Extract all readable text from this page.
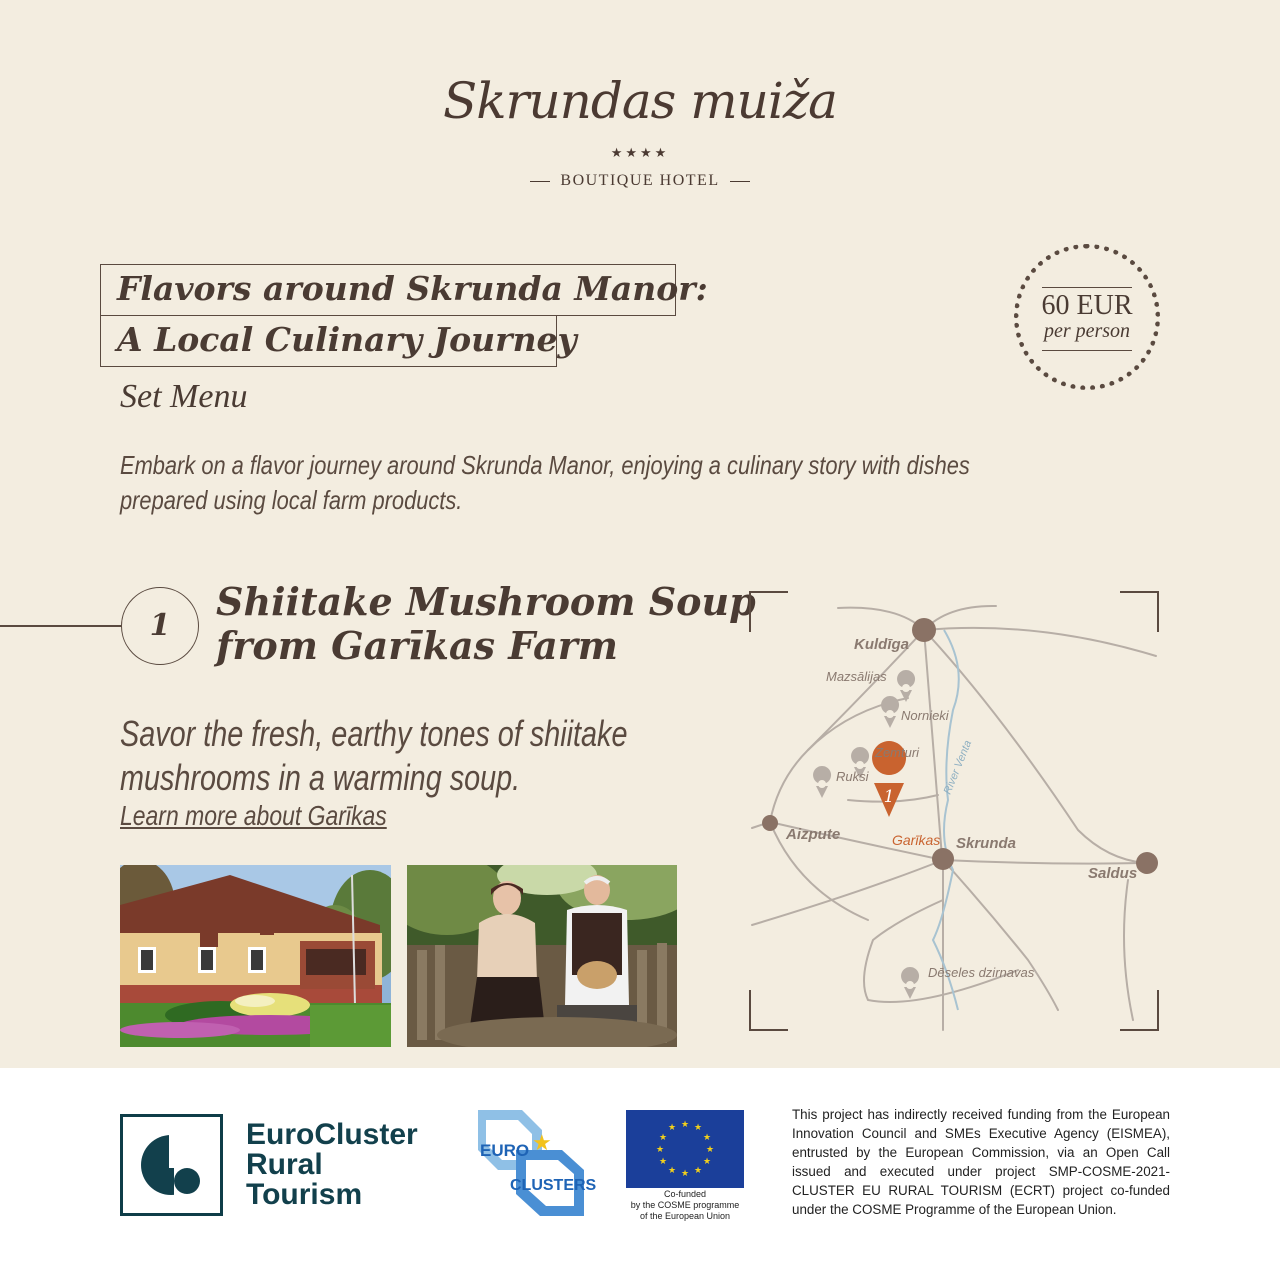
Skrundas muiža
★★★★
BOUTIQUE HOTEL
Flavors around Skrunda Manor:
A Local Culinary Journey
Set Menu
Embark on a flavor journey around Skrunda Manor, enjoying a culinary story with dishes prepared using local farm products.
60 EUR
per person
1
Shiitake Mushroom Soup
from Garīkas Farm
Savor the fresh, earthy tones of shiitake
mushrooms in a warming soup.
Learn more about Garīkas
1
Kuldīga
Mazsālijas
Nornieki
Zemturi
Ruksi
Aizpute
Skrunda
Saldus
Dēseles dzirnavas
Garīkas
River Venta
EuroCluster
Rural
Tourism
EURO ★
CLUSTERS
★ ★
★
★
★
★
★
★
★
★
★
★
Co-funded
by the COSME programme
of the European Union
This project has indirectly received funding from the European Innovation Council and SMEs Executive Agency (EISMEA), entrusted by the European Commission, via an Open Call issued and executed under project SMP-COSME-2021-CLUSTER EU RURAL TOURISM (ECRT) project co-funded under the COSME Programme of the European Union.
